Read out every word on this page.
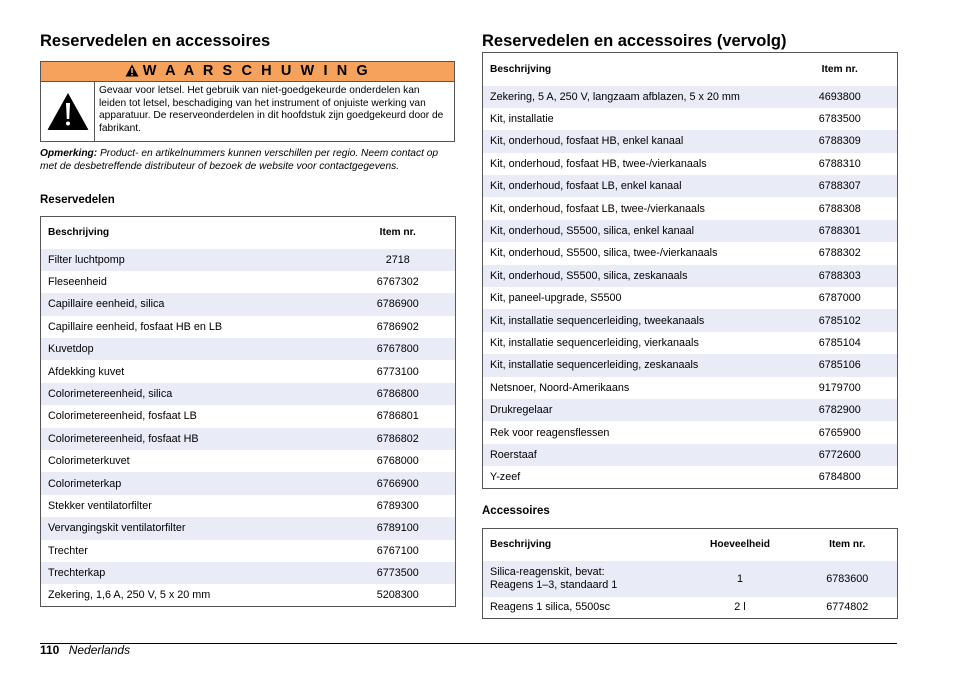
Reservedelen en accessoires
W A A R S C H U W I N G
Gevaar voor letsel. Het gebruik van niet-goedgekeurde onderdelen kan leiden tot letsel, beschadiging van het instrument of onjuiste werking van apparatuur. De reserveonderdelen in dit hoofdstuk zijn goedgekeurd door de fabrikant.
Opmerking: Product- en artikelnummers kunnen verschillen per regio. Neem contact op met de desbetreffende distributeur of bezoek de website voor contactgegevens.
Reservedelen
Beschrijving	Item nr.
Filter luchtpomp	2718
Fleseenheid	6767302
Capillaire eenheid, silica	6786900
Capillaire eenheid, fosfaat HB en LB	6786902
Kuvetdop	6767800
Afdekking kuvet	6773100
Colorimetereenheid, silica	6786800
Colorimetereenheid, fosfaat LB	6786801
Colorimetereenheid, fosfaat HB	6786802
Colorimeterkuvet	6768000
Colorimeterkap	6766900
Stekker ventilatorfilter	6789300
Vervangingskit ventilatorfilter	6789100
Trechter	6767100
Trechterkap	6773500
Zekering, 1,6 A, 250 V, 5 x 20 mm	5208300
Reservedelen en accessoires (vervolg)
Beschrijving	Item nr.
Zekering, 5 A, 250 V, langzaam afblazen, 5 x 20 mm	4693800
Kit, installatie	6783500
Kit, onderhoud, fosfaat HB, enkel kanaal	6788309
Kit, onderhoud, fosfaat HB, twee-/vierkanaals	6788310
Kit, onderhoud, fosfaat LB, enkel kanaal	6788307
Kit, onderhoud, fosfaat LB, twee-/vierkanaals	6788308
Kit, onderhoud, S5500, silica, enkel kanaal	6788301
Kit, onderhoud, S5500, silica, twee-/vierkanaals	6788302
Kit, onderhoud, S5500, silica, zeskanaals	6788303
Kit, paneel-upgrade, S5500	6787000
Kit, installatie sequencerleiding, tweekanaals	6785102
Kit, installatie sequencerleiding, vierkanaals	6785104
Kit, installatie sequencerleiding, zeskanaals	6785106
Netsnoer, Noord-Amerikaans	9179700
Drukregelaar	6782900
Rek voor reagensflessen	6765900
Roerstaaf	6772600
Y-zeef	6784800
Accessoires
Beschrijving	Hoeveelheid	Item nr.

Silica-reagenskit, bevat:
Reagens 1–3, standaard 1	1	6783600
Reagens 1 silica, 5500sc	2 l	6774802
110 Nederlands
